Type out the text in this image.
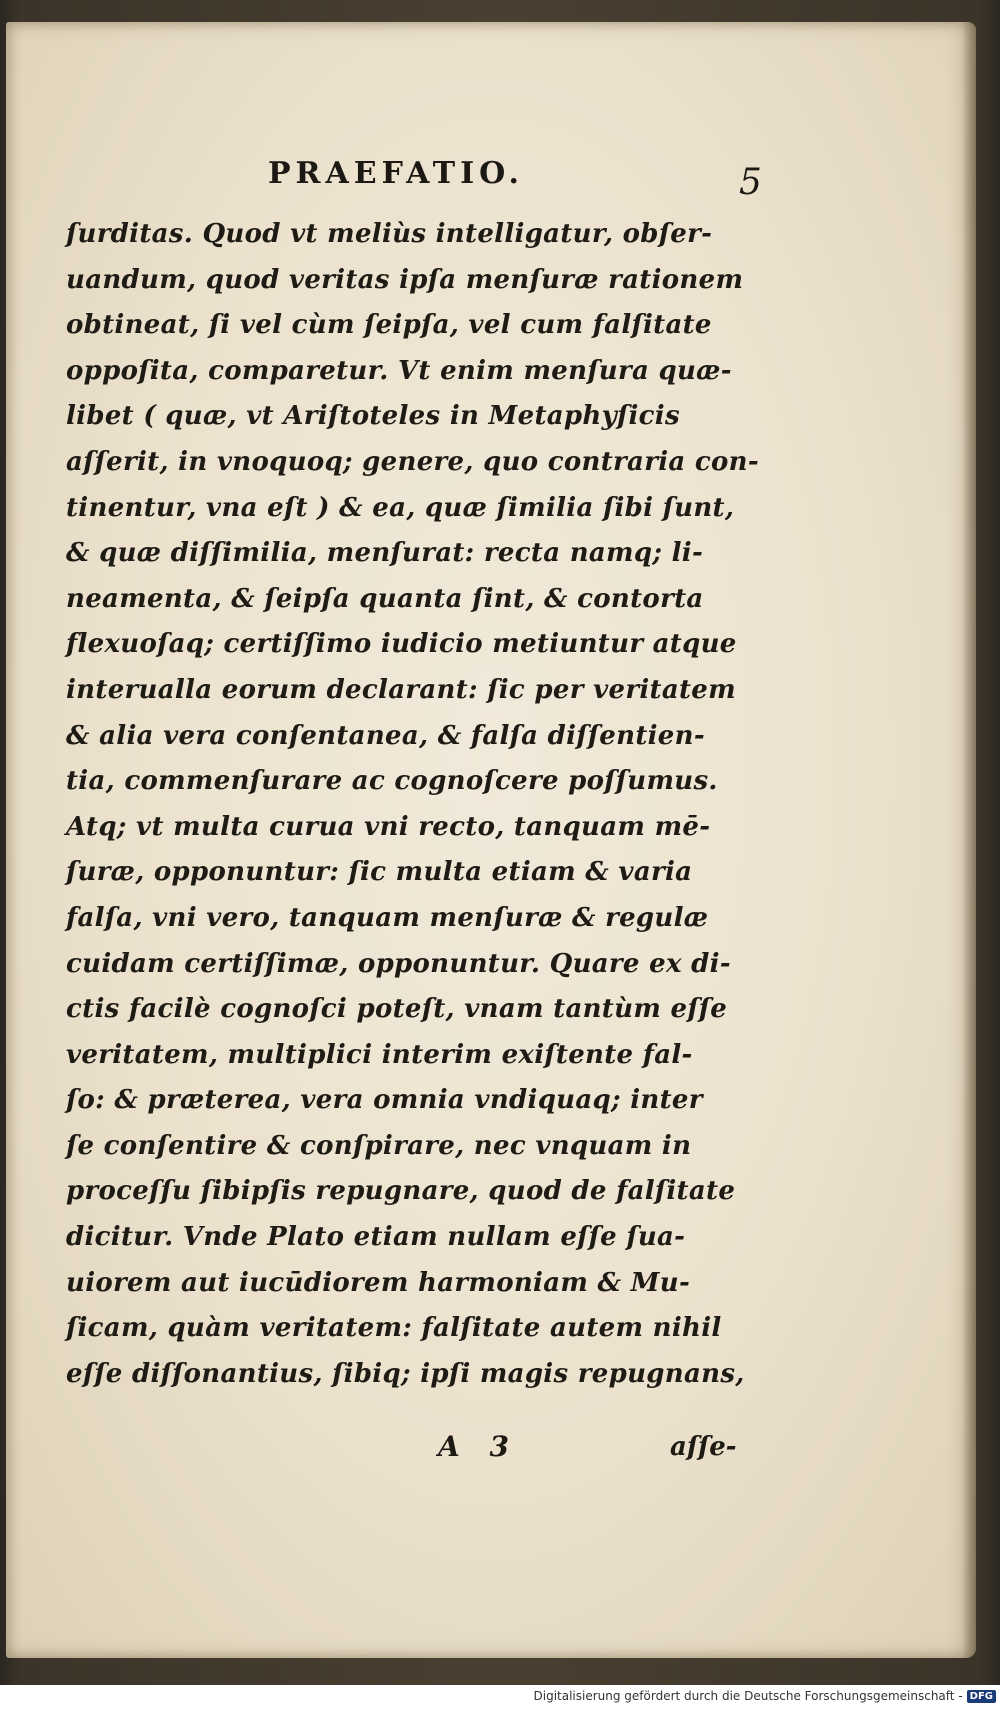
PRAEFATIO.	5
ſurditas. Quod vt meliùs intelligatur, obſer-
uandum, quod veritas ipſa menſuræ rationem
obtineat, ſi vel cùm ſeipſa, vel cum falſitate
oppoſita, comparetur. Vt enim menſura quæ-
libet ( quæ, vt Ariſtoteles in Metaphyſicis
aſſerit, in vnoquoq; genere, quo contraria con-
tinentur, vna eſt ) & ea, quæ ſimilia ſibi ſunt,
& quæ diſſimilia, menſurat: recta namq; li-
neamenta, & ſeipſa quanta ſint, & contorta
flexuoſaq; certiſſimo iudicio metiuntur atque
interualla eorum declarant: ſic per veritatem
& alia vera conſentanea, & falſa diſſentien-
tia, commenſurare ac cognoſcere poſſumus.
Atq; vt multa curua vni recto, tanquam mē-
ſuræ, opponuntur: ſic multa etiam & varia
falſa, vni vero, tanquam menſuræ & regulæ
cuidam certiſſimæ, opponuntur. Quare ex di-
ctis facilè cognoſci poteſt, vnam tantùm eſſe
veritatem, multiplici interim exiſtente fal-
ſo: & præterea, vera omnia vndiquaq; inter
ſe conſentire & conſpirare, nec vnquam in
proceſſu ſibipſis repugnare, quod de falſitate
dicitur. Vnde Plato etiam nullam eſſe ſua-
uiorem aut iucūdiorem harmoniam & Mu-
ſicam, quàm veritatem: falſitate autem nihil
eſſe diſſonantius, ſibiq; ipſi magis repugnans,
A 3	aſſe-
Digitalisierung gefördert durch die Deutsche Forschungsgemeinschaft - DFG
